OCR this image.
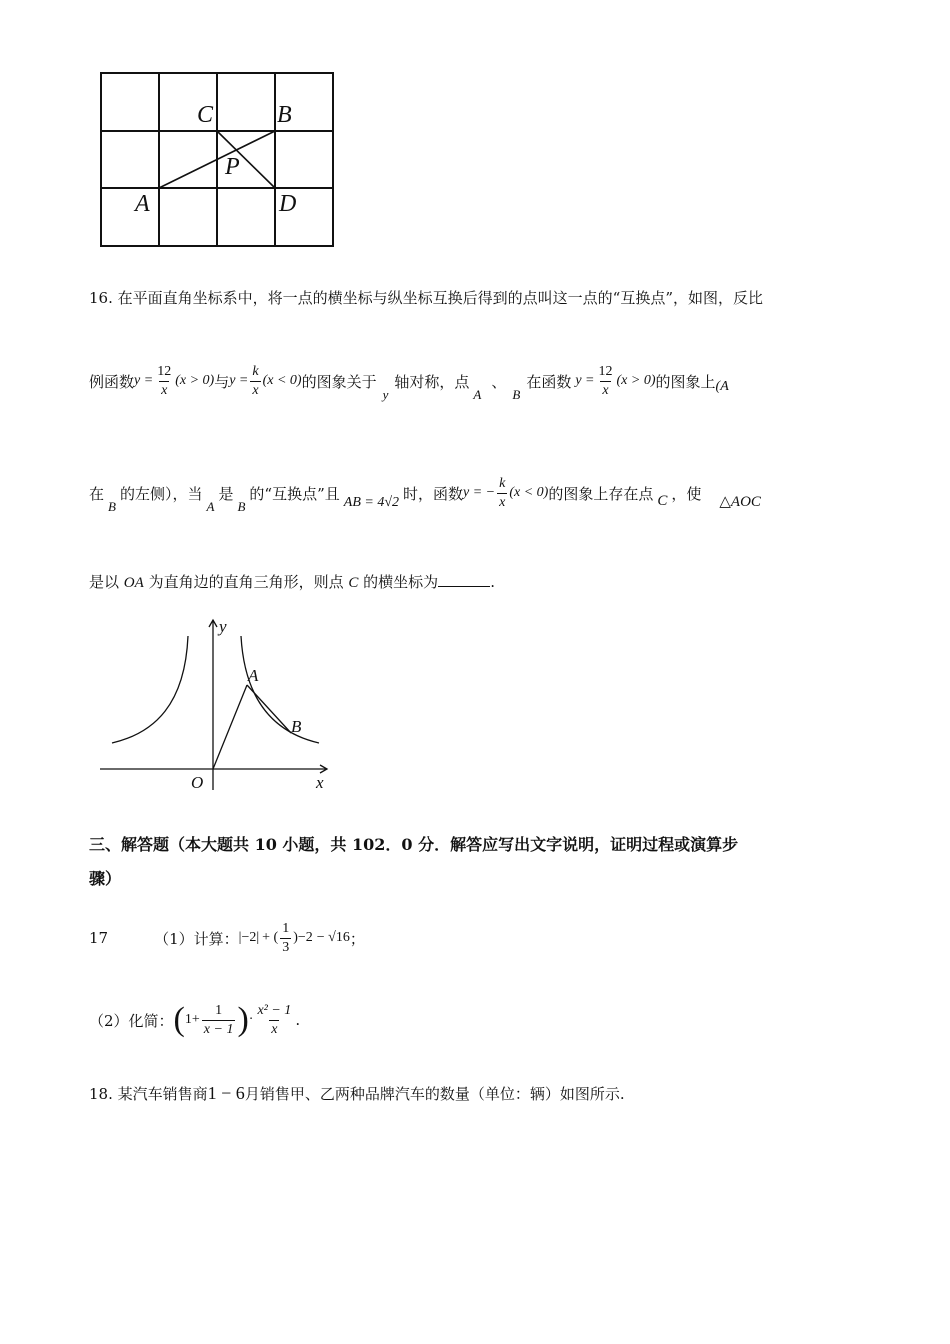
C	B
P
A	D
16. 在平面直角坐标系中，将一点的横坐标与纵坐标互换后得到的点叫这一点的“互换点”，如图，反比
例函数 $y = \frac{12}{x} (x > 0)$ 与 $y = \frac{k}{x} (x < 0)$ 的图象关于
y
轴对称，点
A
、
B
在函数 $y = \frac{12}{x} (x > 0)$ 的图象上 (A
在
B
的左侧 ），当
A
是
B
的“互换点”且 AB = 4√2 时，函数 y = − $\frac{k}{x} (x < 0)$ 的图象上存在点 C ，使 △AOC
是以 OA 为直角边的直角三角形，则点 C 的横坐标为	.
y
x
O
A
B
三、解答题（本大题共 10 小题，共 102．0 分．解答应写出文字说明，证明过程或演算步
骤）
17	（1）计算： |−2| + ( $\frac{1}{3} )-2 - √16$ ；
（2）化简： ( $1+ \frac{1}{x - 1}$ ) · $\frac{\text{x² − 1}}{x}$ .
18. 某汽车销售商1 − 6月销售甲、乙两种品牌汽车的数量（单位：辆）如图所示.
